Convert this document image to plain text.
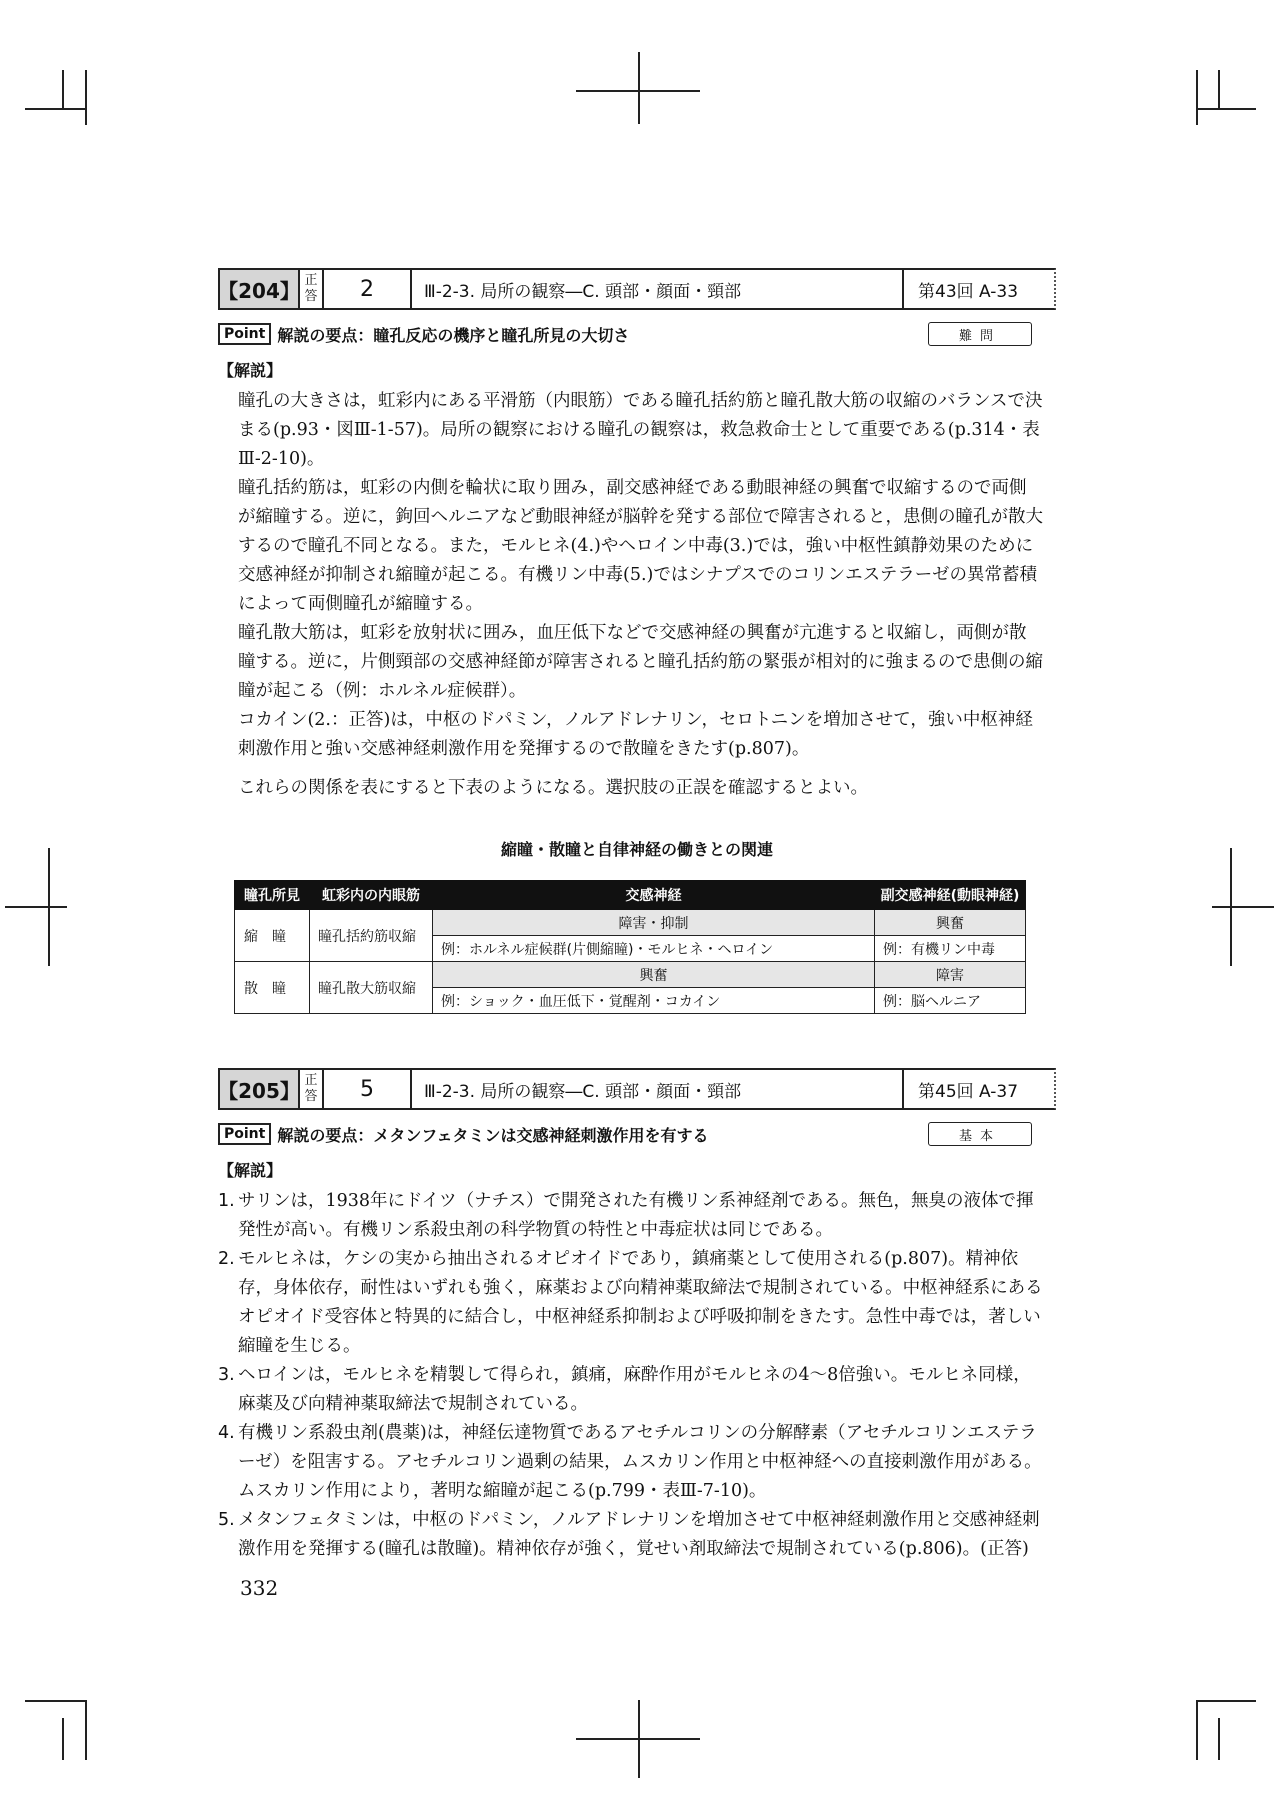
【204】 正
答	2	Ⅲ-2-3. 局所の観察―C. 頭部・顔面・頸部	第43回 A-33
Point 解説の要点：瞳孔反応の機序と瞳孔所見の大切さ	難問
【解説】

瞳孔の大きさは，虹彩内にある平滑筋（内眼筋）である瞳孔括約筋と瞳孔散大筋の収縮のバランスで決まる(p.93・図Ⅲ-1-57)。局所の観察における瞳孔の観察は，救急救命士として重要である(p.314・表Ⅲ-2-10)。

瞳孔括約筋は，虹彩の内側を輪状に取り囲み，副交感神経である動眼神経の興奮で収縮するので両側が縮瞳する。逆に，鉤回ヘルニアなど動眼神経が脳幹を発する部位で障害されると，患側の瞳孔が散大するので瞳孔不同となる。また，モルヒネ(4.)やヘロイン中毒(3.)では，強い中枢性鎮静効果のために交感神経が抑制され縮瞳が起こる。有機リン中毒(5.)ではシナプスでのコリンエステラーゼの異常蓄積によって両側瞳孔が縮瞳する。

瞳孔散大筋は，虹彩を放射状に囲み，血圧低下などで交感神経の興奮が亢進すると収縮し，両側が散瞳する。逆に，片側頸部の交感神経節が障害されると瞳孔括約筋の緊張が相対的に強まるので患側の縮瞳が起こる（例：ホルネル症候群）。

コカイン(2.：正答)は，中枢のドパミン，ノルアドレナリン，セロトニンを増加させて，強い中枢神経刺激作用と強い交感神経刺激作用を発揮するので散瞳をきたす(p.807)。

これらの関係を表にすると下表のようになる。選択肢の正誤を確認するとよい。

縮瞳・散瞳と自律神経の働きとの関連
瞳孔所見	虹彩内の内眼筋	交感神経	副交感神経(動眼神経)
縮瞳	瞳孔括約筋収縮	障害・抑制	興奮
		例：ホルネル症候群(片側縮瞳)・モルヒネ・ヘロイン	例：有機リン中毒
散瞳	瞳孔散大筋収縮	興奮	障害
		例：ショック・血圧低下・覚醒剤・コカイン	例：脳ヘルニア
【205】 正
答	5	Ⅲ-2-3. 局所の観察―C. 頭部・顔面・頸部	第45回 A-37
Point 解説の要点：メタンフェタミンは交感神経刺激作用を有する	基本
【解説】
1. サリンは，1938年にドイツ（ナチス）で開発された有機リン系神経剤である。無色，無臭の液体で揮発性が高い。有機リン系殺虫剤の科学物質の特性と中毒症状は同じである。
2. モルヒネは，ケシの実から抽出されるオピオイドであり，鎮痛薬として使用される(p.807)。精神依存，身体依存，耐性はいずれも強く，麻薬および向精神薬取締法で規制されている。中枢神経系にあるオピオイド受容体と特異的に結合し，中枢神経系抑制および呼吸抑制をきたす。急性中毒では，著しい縮瞳を生じる。
3. ヘロインは，モルヒネを精製して得られ，鎮痛，麻酔作用がモルヒネの4～8倍強い。モルヒネ同様，麻薬及び向精神薬取締法で規制されている。
4. 有機リン系殺虫剤(農薬)は，神経伝達物質であるアセチルコリンの分解酵素（アセチルコリンエステラーゼ）を阻害する。アセチルコリン過剰の結果，ムスカリン作用と中枢神経への直接刺激作用がある。ムスカリン作用により，著明な縮瞳が起こる(p.799・表Ⅲ-7-10)。
5. メタンフェタミンは，中枢のドパミン，ノルアドレナリンを増加させて中枢神経刺激作用と交感神経刺激作用を発揮する(瞳孔は散瞳)。精神依存が強く，覚せい剤取締法で規制されている(p.806)。(正答)
332
